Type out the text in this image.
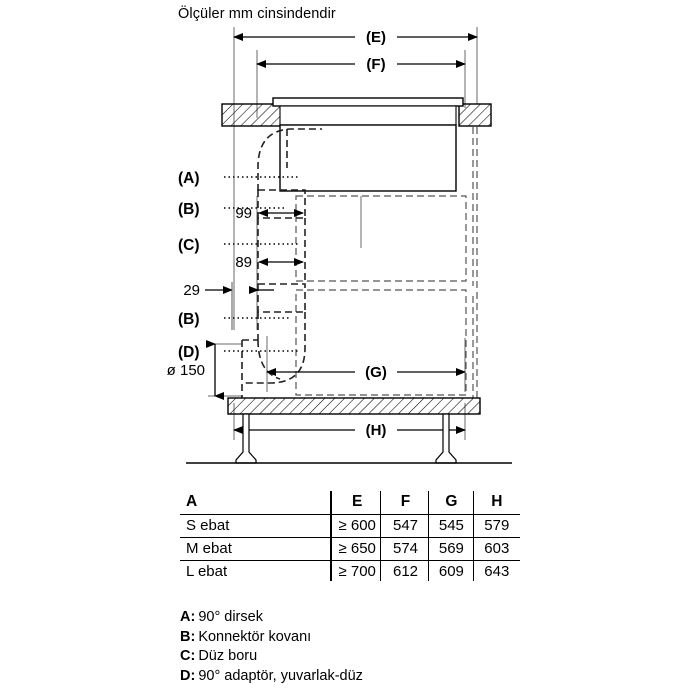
Ölçüler mm cinsindendir
(E)
(F)
99
89
29
ø 150
(A)
(B)
(C)
(B)
(D)
(G)
(H)
A	E	F	G	H
S ebat	≥ 600	547	545	579
M ebat	≥ 650	574	569	603
L ebat	≥ 700	612	609	643
A: 90° dirsek
B: Konnektör kovanı
C: Düz boru
D: 90° adaptör, yuvarlak-düz
